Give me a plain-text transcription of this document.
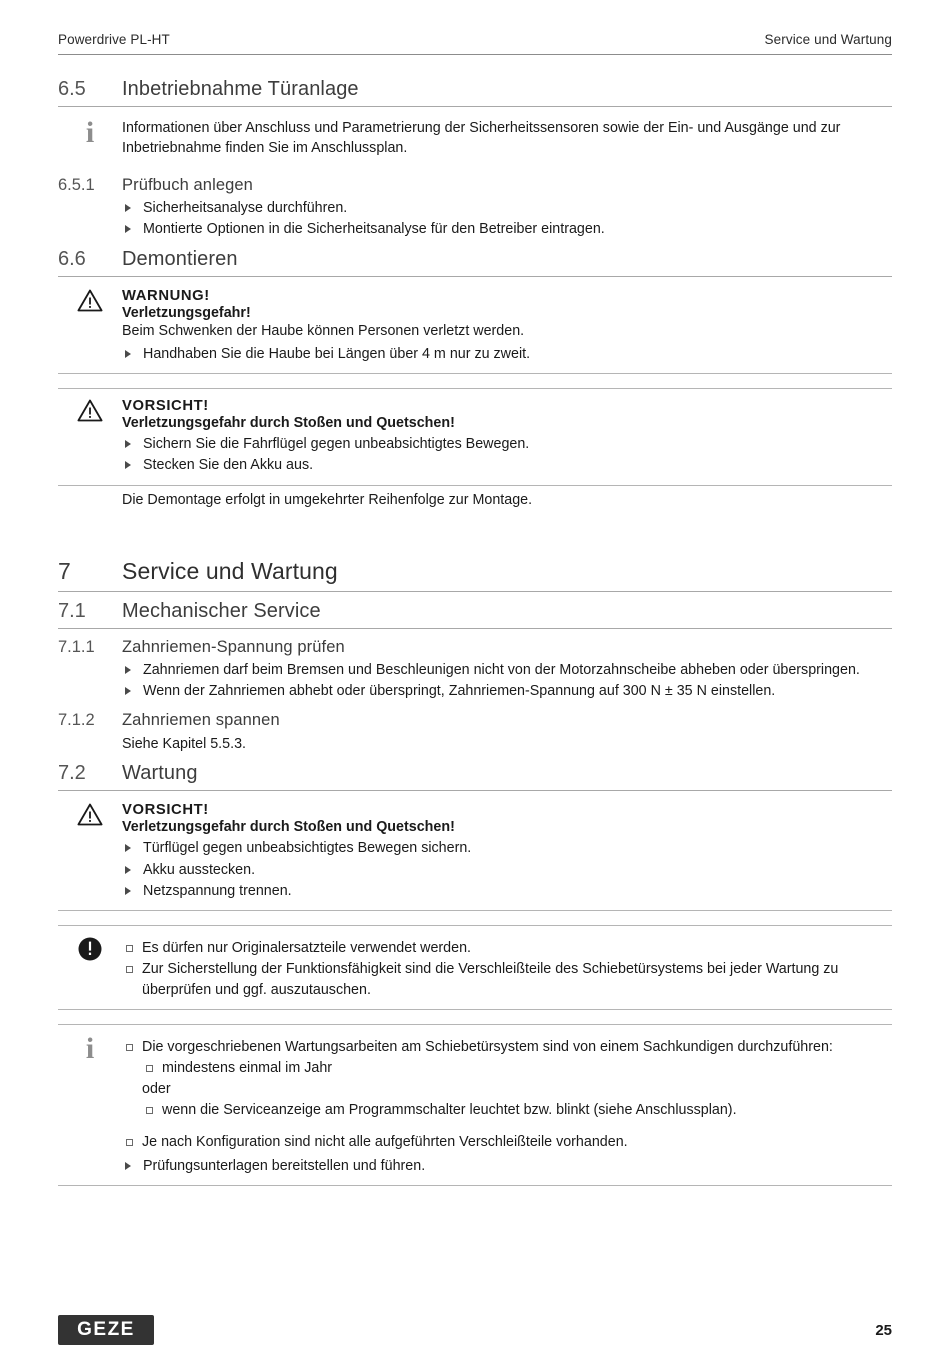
Powerdrive PL-HT	Service und Wartung
6.5	Inbetriebnahme Türanlage
i Informationen über Anschluss und Parametrierung der Sicherheitssensoren sowie der Ein- und Ausgänge und zur Inbetriebnahme finden Sie im Anschlussplan.

6.5.1	Prüfbuch anlegen
Sicherheitsanalyse durchführen.
Montierte Optionen in die Sicherheitsanalyse für den Betreiber eintragen.
6.6	Demontieren

WARNUNG!

Verletzungsgefahr!

Beim Schwenken der Haube können Personen verletzt werden.

Handhaben Sie die Haube bei Längen über 4 m nur zu zweit.

VORSICHT!

Verletzungsgefahr durch Stoßen und Quetschen!

Sichern Sie die Fahrflügel gegen unbeabsichtigtes Bewegen.
Stecken Sie den Akku aus.

Die Demontage erfolgt in umgekehrter Reihenfolge zur Montage.

7	Service und Wartung
7.1	Mechanischer Service
7.1.1	Zahnriemen-Spannung prüfen
Zahnriemen darf beim Bremsen und Beschleunigen nicht von der Motorzahnscheibe abheben oder überspringen.
Wenn der Zahnriemen abhebt oder überspringt, Zahnriemen-Spannung auf 300 N ± 35 N einstellen.
7.1.2	Zahnriemen spannen

Siehe Kapitel 5.5.3.

7.2	Wartung

VORSICHT!

Verletzungsgefahr durch Stoßen und Quetschen!

Türflügel gegen unbeabsichtigtes Bewegen sichern.
Akku ausstecken.
Netzspannung trennen.
Es dürfen nur Originalersatzteile verwendet werden.
Zur Sicherstellung der Funktionsfähigkeit sind die Verschleißteile des Schiebetürsystems bei jeder Wartung zu überprüfen und ggf. auszutauschen.
i	Die vorgeschriebenen Wartungsarbeiten am Schiebetürsystem sind von einem Sachkundigen durchzuführen:
mindestens einmal im Jahr
oder
wenn die Serviceanzeige am Programmschalter leuchtet bzw. blinkt (siehe Anschlussplan).
Je nach Konfiguration sind nicht alle aufgeführten Verschleißteile vorhanden.
Prüfungsunterlagen bereitstellen und führen.
GEZE	25
